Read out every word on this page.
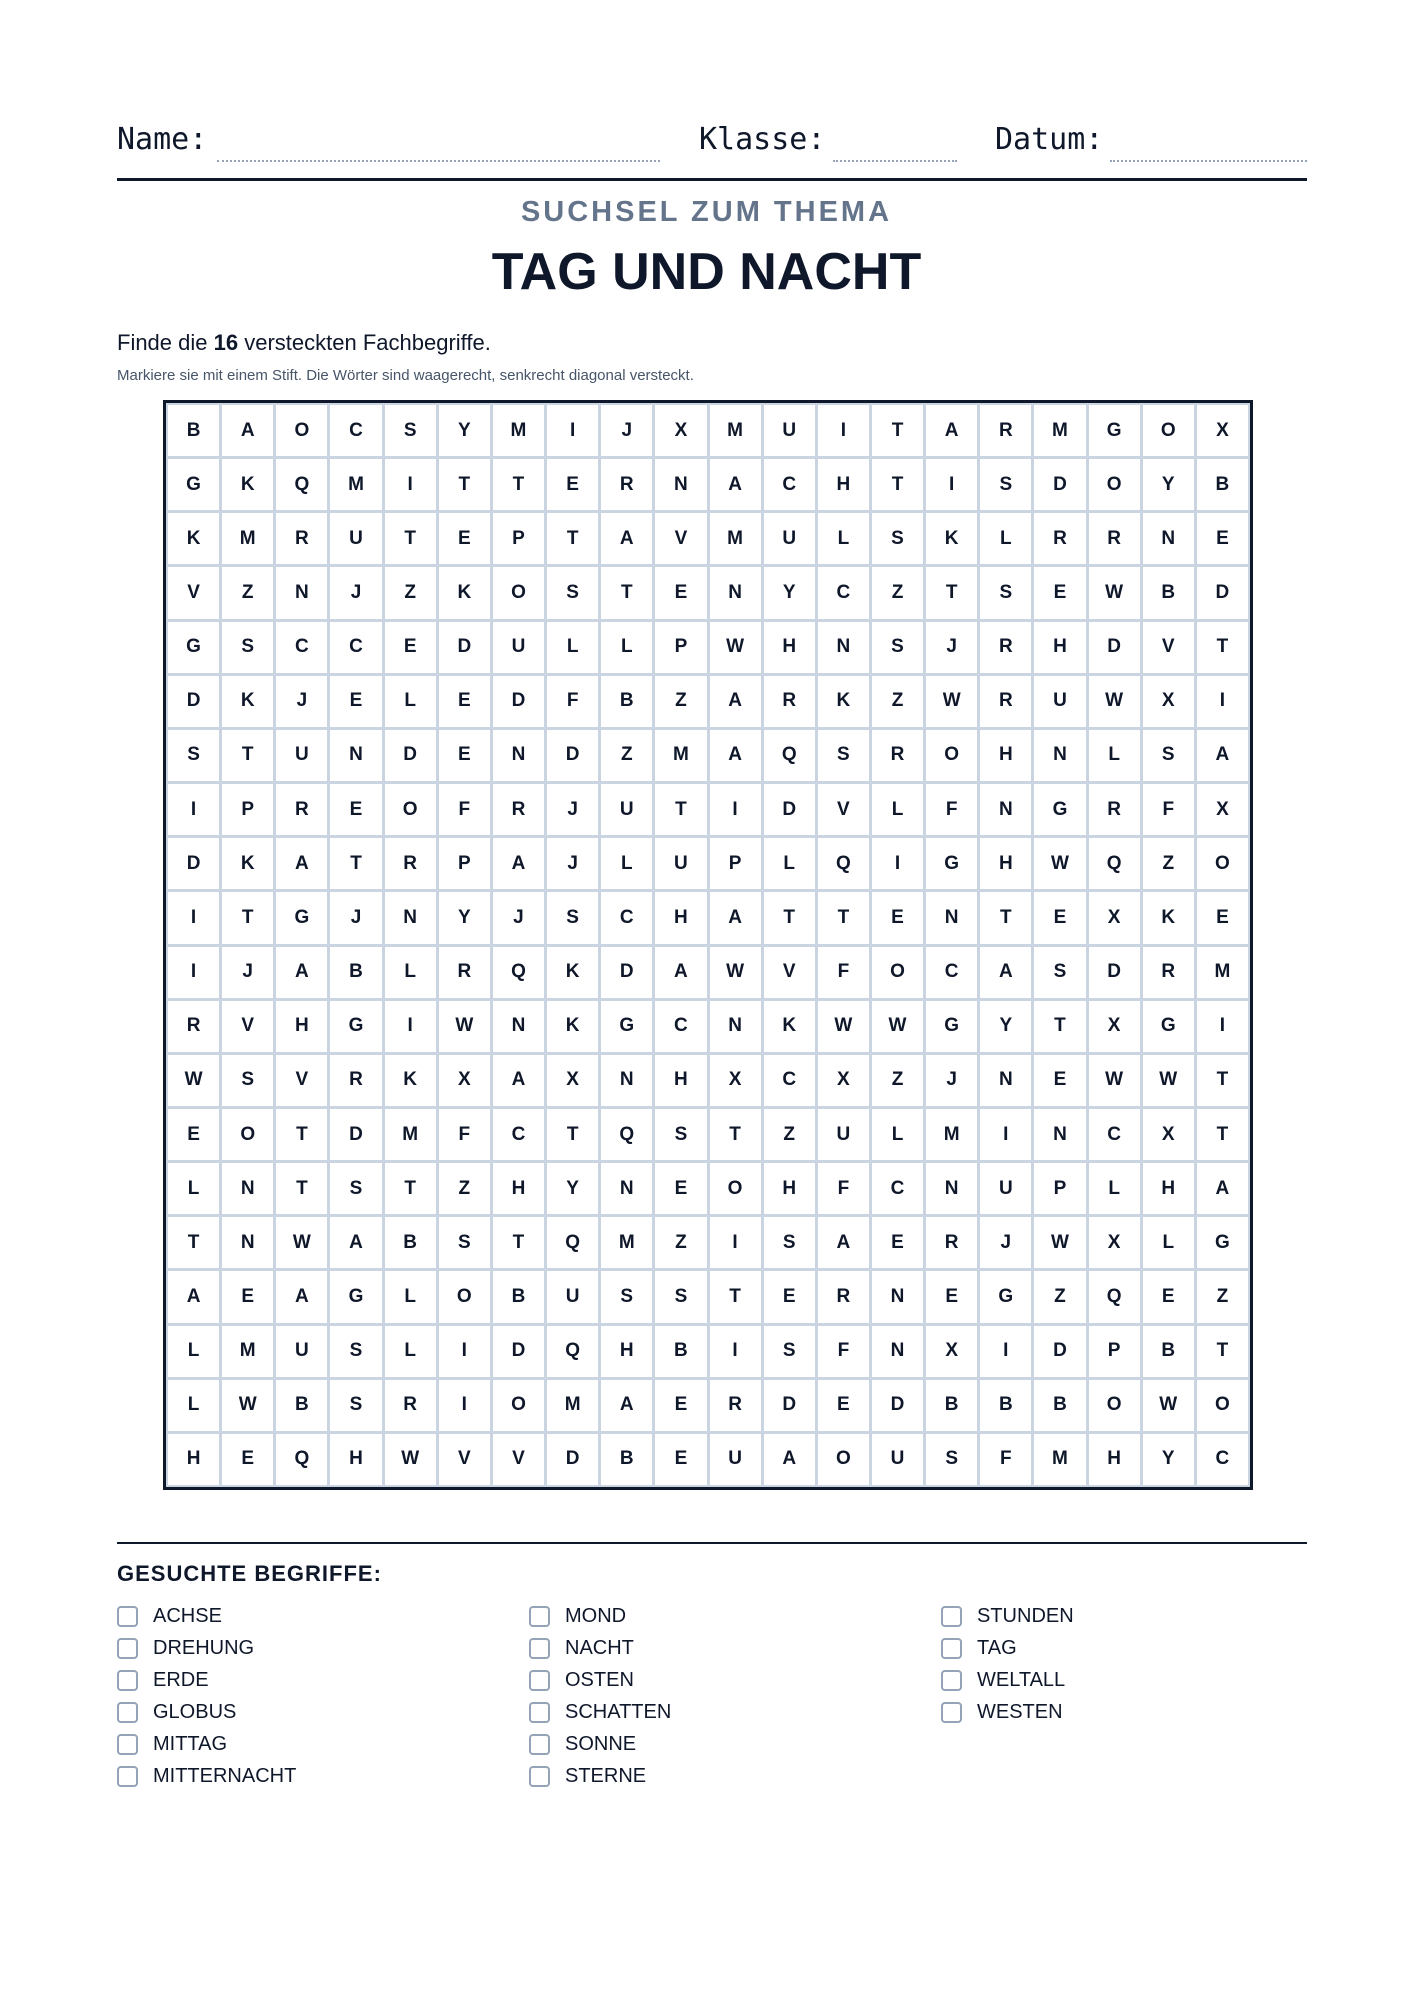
Name:	Klasse:	Datum:
SUCHSEL ZUM THEMA
TAG UND NACHT
Finde die 16 versteckten Fachbegriffe.
Markiere sie mit einem Stift. Die Wörter sind waagerecht, senkrecht diagonal versteckt.
B	A	O	C	S	Y	M	I	J	X	M	U	I	T	A	R	M	G	O	X
G	K	Q	M	I	T	T	E	R	N	A	C	H	T	I	S	D	O	Y	B
K	M	R	U	T	E	P	T	A	V	M	U	L	S	K	L	R	R	N	E
V	Z	N	J	Z	K	O	S	T	E	N	Y	C	Z	T	S	E	W	B	D
G	S	C	C	E	D	U	L	L	P	W	H	N	S	J	R	H	D	V	T
D	K	J	E	L	E	D	F	B	Z	A	R	K	Z	W	R	U	W	X	I
S	T	U	N	D	E	N	D	Z	M	A	Q	S	R	O	H	N	L	S	A
I	P	R	E	O	F	R	J	U	T	I	D	V	L	F	N	G	R	F	X
D	K	A	T	R	P	A	J	L	U	P	L	Q	I	G	H	W	Q	Z	O
I	T	G	J	N	Y	J	S	C	H	A	T	T	E	N	T	E	X	K	E
I	J	A	B	L	R	Q	K	D	A	W	V	F	O	C	A	S	D	R	M
R	V	H	G	I	W	N	K	G	C	N	K	W	W	G	Y	T	X	G	I
W	S	V	R	K	X	A	X	N	H	X	C	X	Z	J	N	E	W	W	T
E	O	T	D	M	F	C	T	Q	S	T	Z	U	L	M	I	N	C	X	T
L	N	T	S	T	Z	H	Y	N	E	O	H	F	C	N	U	P	L	H	A
T	N	W	A	B	S	T	Q	M	Z	I	S	A	E	R	J	W	X	L	G
A	E	A	G	L	O	B	U	S	S	T	E	R	N	E	G	Z	Q	E	Z
L	M	U	S	L	I	D	Q	H	B	I	S	F	N	X	I	D	P	B	T
L	W	B	S	R	I	O	M	A	E	R	D	E	D	B	B	B	O	W	O
H	E	Q	H	W	V	V	D	B	E	U	A	O	U	S	F	M	H	Y	C
GESUCHTE BEGRIFFE:
ACHSE
DREHUNG
ERDE
GLOBUS
MITTAG
MITTERNACHT
MOND
NACHT
OSTEN
SCHATTEN
SONNE
STERNE
STUNDEN
TAG
WELTALL
WESTEN
